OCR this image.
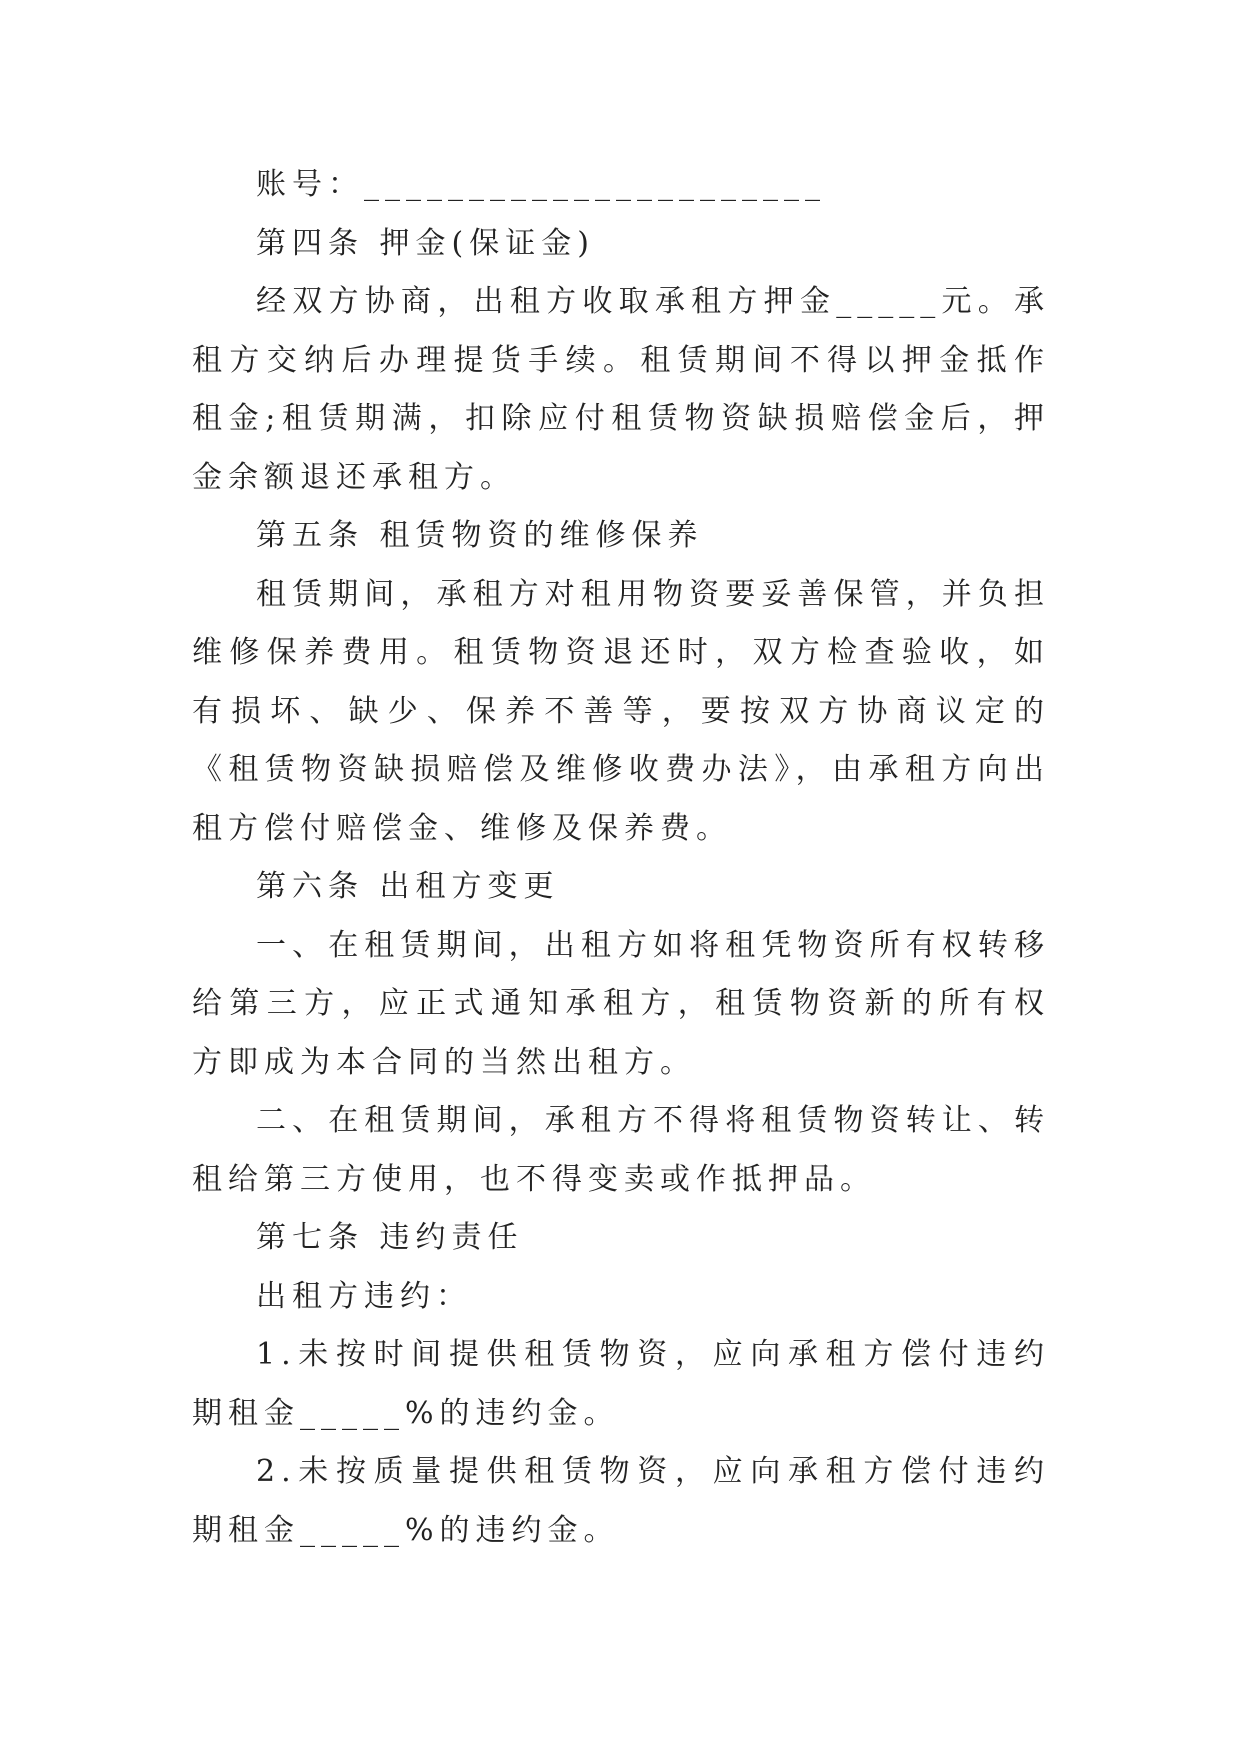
账号：______________________

第四条 押金(保证金)

经双方协商，出租方收取承租方押金_____元。承租方交纳后办理提货手续。租赁期间不得以押金抵作租金;租赁期满，扣除应付租赁物资缺损赔偿金后，押金余额退还承租方。

第五条 租赁物资的维修保养

租赁期间，承租方对租用物资要妥善保管，并负担维修保养费用。租赁物资退还时，双方检查验收，如有损坏、缺少、保养不善等，要按双方协商议定的《租赁物资缺损赔偿及维修收费办法》，由承租方向出租方偿付赔偿金、维修及保养费。

第六条 出租方变更

一、在租赁期间，出租方如将租凭物资所有权转移给第三方，应正式通知承租方，租赁物资新的所有权方即成为本合同的当然出租方。

二、在租赁期间，承租方不得将租赁物资转让、转租给第三方使用，也不得变卖或作抵押品。

第七条 违约责任

出租方违约：

1.未按时间提供租赁物资，应向承租方偿付违约期租金_____%的违约金。

2.未按质量提供租赁物资，应向承租方偿付违约期租金_____%的违约金。
